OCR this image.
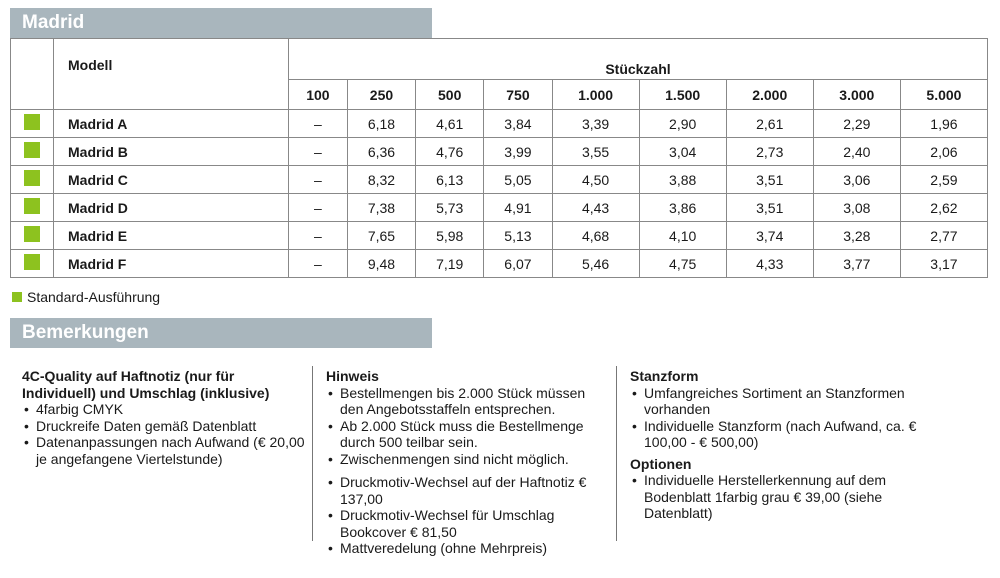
Madrid
	Modell	Stückzahl								
		100	250	500	750	1.000	1.500	2.000	3.000	5.000
	Madrid A	–	6,18	4,61	3,84	3,39	2,90	2,61	2,29	1,96
	Madrid B	–	6,36	4,76	3,99	3,55	3,04	2,73	2,40	2,06
	Madrid C	–	8,32	6,13	5,05	4,50	3,88	3,51	3,06	2,59
	Madrid D	–	7,38	5,73	4,91	4,43	3,86	3,51	3,08	2,62
	Madrid E	–	7,65	5,98	5,13	4,68	4,10	3,74	3,28	2,77
	Madrid F	–	9,48	7,19	6,07	5,46	4,75	4,33	3,77	3,17
Standard-Ausführung
Bemerkungen
4C-Quality auf Haftnotiz (nur für Individuell) und Umschlag (inklusive)
• 4farbig CMYK
• Druckreife Daten gemäß Datenblatt
• Datenanpassungen nach Aufwand (€ 20,00 je angefangene Viertelstunde)
Hinweis
• Bestellmengen bis 2.000 Stück müssen den Angebotsstaffeln entsprechen.
• Ab 2.000 Stück muss die Bestellmenge durch 500 teilbar sein.
• Zwischenmengen sind nicht möglich.
• Druckmotiv-Wechsel auf der Haftnotiz € 137,00
• Druckmotiv-Wechsel für Umschlag Bookcover € 81,50
• Mattveredelung (ohne Mehrpreis)
Stanzform
• Umfangreiches Sortiment an Stanzformen vorhanden
• Individuelle Stanzform (nach Aufwand, ca. € 100,00 - € 500,00)
Optionen
• Individuelle Herstellerkennung auf dem Bodenblatt 1farbig grau € 39,00 (siehe Datenblatt)
